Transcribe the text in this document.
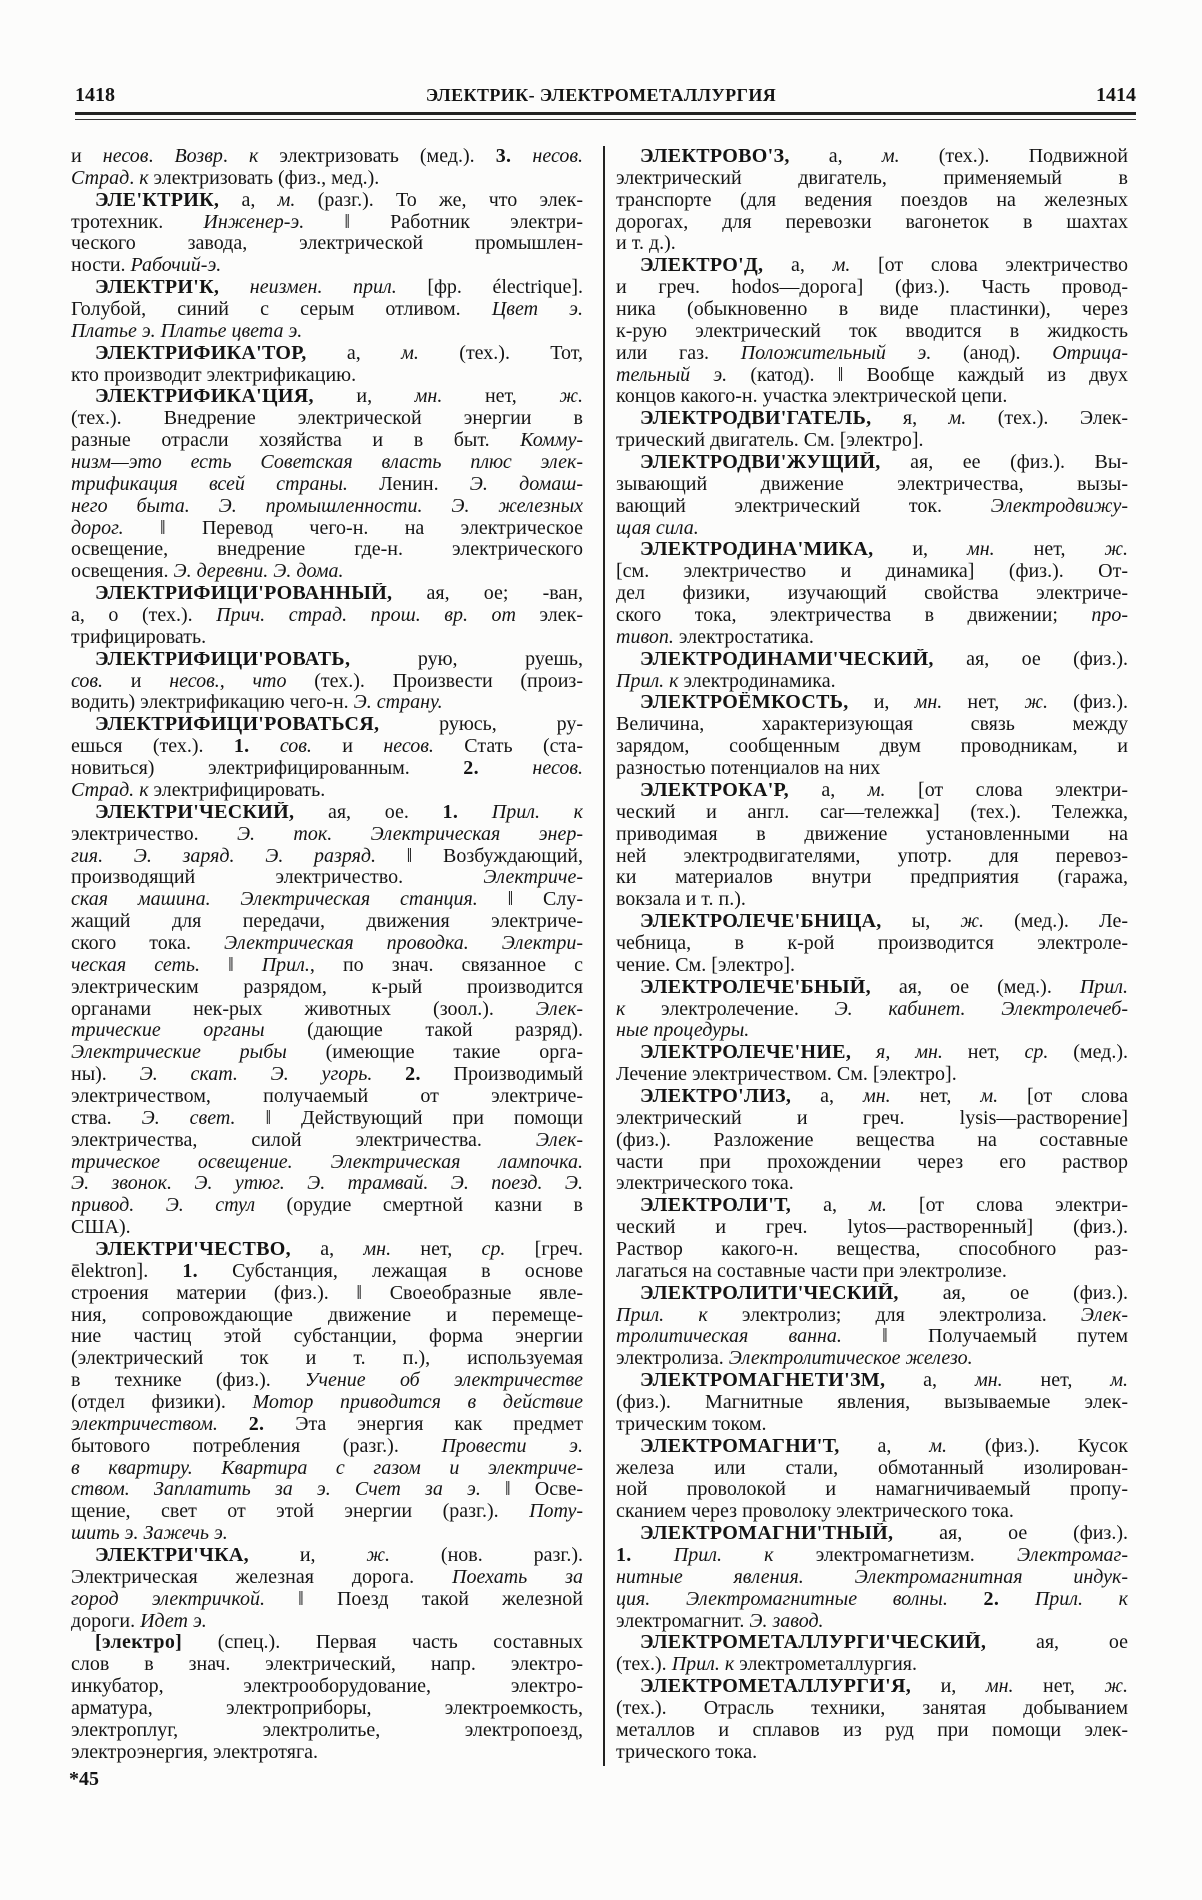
1418	ЭЛЕКТРИК- ЭЛЕКТРОМЕТАЛЛУРГИЯ	1414
и несов. Возвр. к электризовать (мед.). 3. несов.
Страд. к электризовать (физ., мед.).
ЭЛЕ'КТРИК, а, м. (разг.). То же, что элек-
тротехник. Инженер-э. ‖ Работник электри-
ческого завода, электрической промышлен-
ности. Рабочий-э.
ЭЛЕКТРИ'К, неизмен. прил. [фр. électrique].
Голубой, синий с серым отливом. Цвет э.
Платье э. Платье цвета э.
ЭЛЕКТРИФИКА'ТОР, а, м. (тех.). Тот,
кто производит электрификацию.
ЭЛЕКТРИФИКА'ЦИЯ, и, мн. нет, ж.
(тех.). Внедрение электрической энергии в
разные отрасли хозяйства и в быт. Комму-
низм—это есть Советская власть плюс элек-
трификация всей страны. Ленин. Э. домаш-
него быта. Э. промышленности. Э. железных
дорог. ‖ Перевод чего-н. на электрическое
освещение, внедрение где-н. электрического
освещения. Э. деревни. Э. дома.
ЭЛЕКТРИФИЦИ'РОВАННЫЙ, ая, ое; -ван,
а, о (тех.). Прич. страд. прош. вр. от элек-
трифицировать.
ЭЛЕКТРИФИЦИ'РОВАТЬ, рую, руешь,
сов. и несов., что (тех.). Произвести (произ-
водить) электрификацию чего-н. Э. страну.
ЭЛЕКТРИФИЦИ'РОВАТЬСЯ, руюсь, ру-
ешься (тех.). 1. сов. и несов. Стать (ста-
новиться) электрифицированным. 2.	несов.
Страд. к электрифицировать.
ЭЛЕКТРИ'ЧЕСКИЙ, ая, ое. 1. Прил. к
электричество. Э. ток. Электрическая энер-
гия. Э. заряд. Э. разряд. ‖ Возбуждающий,
производящий электричество. Электриче-
ская машина. Электрическая станция. ‖ Слу-
жащий для передачи, движения электриче-
ского тока. Электрическая проводка. Электри-
ческая сеть. ‖ Прил., по знач. связанное с
электрическим разрядом, к-рый производится
органами нек-рых животных (зоол.). Элек-
трические органы (дающие такой разряд).
Электрические рыбы (имеющие такие орга-
ны). Э. скат. Э. угорь. 2. Производимый
электричеством, получаемый от электриче-
ства. Э. свет. ‖ Действующий при помощи
электричества, силой электричества. Элек-
трическое освещение. Электрическая лампочка.
Э. звонок. Э. утюг. Э. трамвай. Э. поезд. Э.
привод. Э. стул (орудие смертной казни в
США).
ЭЛЕКТРИ'ЧЕСТВО, а, мн. нет, ср. [греч.
ēlektron]. 1. Субстанция, лежащая в основе
строения материи (физ.). ‖ Своеобразные явле-
ния, сопровождающие движение и перемеще-
ние частиц этой субстанции, форма энергии
(электрический ток и т. п.), используемая
в технике (физ.). Учение об электричестве
(отдел физики). Мотор приводится в действие
электричеством. 2. Эта энергия как предмет
бытового потребления (разг.). Провести э.
в квартиру. Квартира с газом и электриче-
ством. Заплатить за э. Счет за э. ‖ Осве-
щение, свет от этой энергии (разг.). Поту-
шить э. Зажечь э.
ЭЛЕКТРИ'ЧКА, и, ж. (нов. разг.).
Электрическая железная дорога. Поехать за
город электричкой. ‖ Поезд такой железной
дороги. Идет э.
[электро] (спец.). Первая часть составных
слов в знач. электрический, напр. электро-
инкубатор, электрооборудование, электро-
арматура, электроприборы, электроемкость,
электроплуг, электролитье, электропоезд,
электроэнергия, электротяга.
ЭЛЕКТРОВО'З, а, м. (тех.). Подвижной
электрический двигатель, применяемый в
транспорте (для ведения поездов на железных
дорогах, для перевозки вагонеток в шахтах
и т. д.).
ЭЛЕКТРО'Д, а, м. [от слова электричество
и греч. hodos—дорога] (физ.). Часть провод-
ника (обыкновенно в виде пластинки), через
к-рую электрический ток вводится в жидкость
или газ. Положительный э. (анод). Отрица-
тельный э. (катод). ‖ Вообще каждый из двух
концов какого-н. участка электрической цепи.
ЭЛЕКТРОДВИ'ГАТЕЛЬ, я, м. (тех.). Элек-
трический двигатель. См. [электро].
ЭЛЕКТРОДВИ'ЖУЩИЙ, ая, ее (физ.). Вы-
зывающий движение электричества, вызы-
вающий электрический ток. Электродвижу-
щая сила.
ЭЛЕКТРОДИНА'МИКА, и, мн. нет, ж.
[см. электричество и динамика] (физ.). От-
дел физики, изучающий свойства электриче-
ского тока, электричества в движении; про-
тивоп. электростатика.
ЭЛЕКТРОДИНАМИ'ЧЕСКИЙ, ая, ое (физ.).
Прил. к электродинамика.
ЭЛЕКТРОЁМКОСТЬ, и, мн. нет, ж. (физ.).
Величина, характеризующая связь между
зарядом, сообщенным двум проводникам, и
разностью потенциалов на них
ЭЛЕКТРОКА'Р, а, м. [от слова электри-
ческий и англ. car—тележка] (тех.). Тележка,
приводимая в движение установленными на
ней электродвигателями, употр. для перевоз-
ки материалов внутри предприятия (гаража,
вокзала и т. п.).
ЭЛЕКТРОЛЕЧЕ'БНИЦА, ы, ж. (мед.). Ле-
чебница, в к-рой производится электроле-
чение. См. [электро].
ЭЛЕКТРОЛЕЧЕ'БНЫЙ, ая, ое (мед.). Прил.
к электролечение. Э. кабинет. Электролечеб-
ные процедуры.
ЭЛЕКТРОЛЕЧЕ'НИЕ, я, мн. нет, ср. (мед.).
Лечение электричеством. См. [электро].
ЭЛЕКТРО'ЛИЗ, а, мн. нет, м. [от слова
электрический и греч. lysis—растворение]
(физ.). Разложение вещества на составные
части при прохождении через его раствор
электрического тока.
ЭЛЕКТРОЛИ'Т, а, м. [от слова электри-
ческий и греч. lytos—растворенный] (физ.).
Раствор какого-н. вещества, способного раз-
лагаться на составные части при электролизе.
ЭЛЕКТРОЛИТИ'ЧЕСКИЙ, ая, ое (физ.).
Прил. к электролиз; для электролиза. Элек-
тролитическая ванна. ‖ Получаемый путем
электролиза. Электролитическое железо.
ЭЛЕКТРОМАГНЕТИ'ЗМ, а, мн. нет, м.
(физ.). Магнитные явления, вызываемые элек-
трическим током.
ЭЛЕКТРОМАГНИ'Т, а, м. (физ.). Кусок
железа или стали, обмотанный изолирован-
ной проволокой и намагничиваемый пропу-
сканием через проволоку электрического тока.
ЭЛЕКТРОМАГНИ'ТНЫЙ, ая, ое (физ.).
1. Прил. к электромагнетизм. Электромаг-
нитные явления. Электромагнитная индук-
ция. Электромагнитные волны. 2. Прил. к
электромагнит. Э. завод.
ЭЛЕКТРОМЕТАЛЛУРГИ'ЧЕСКИЙ, ая, ое
(тех.). Прил. к электрометаллургия.
ЭЛЕКТРОМЕТАЛЛУРГИ'Я, и, мн. нет, ж.
(тех.). Отрасль техники, занятая добыванием
металлов и сплавов из руд при помощи элек-
трического тока.
*45
